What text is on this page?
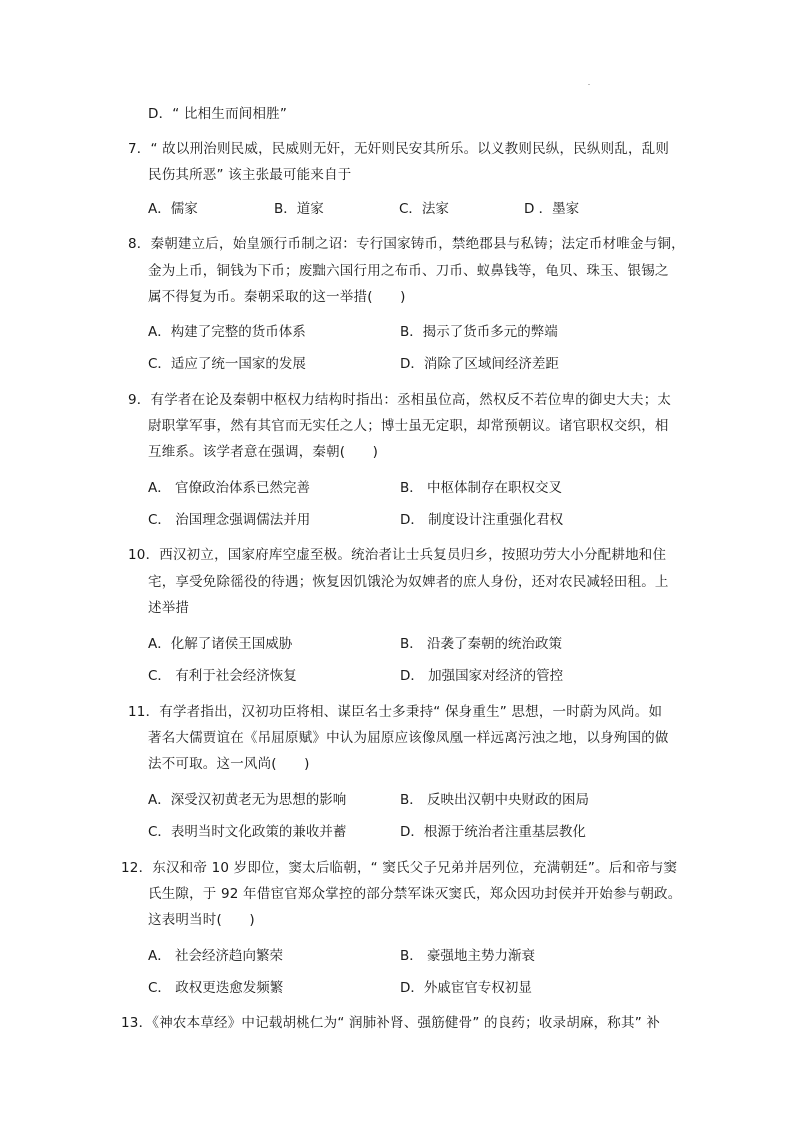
D．“ 比相生而间相胜”
7．“ 故以刑治则民威，民威则无奸，无奸则民安其所乐。以义教则民纵，民纵则乱，乱则
民伤其所恶” 该主张最可能来自于
A．儒家	B．道家	C．法家	D ．墨家
8．秦朝建立后，始皇颁行币制之诏：专行国家铸币，禁绝郡县与私铸；法定币材唯金与铜，
金为上币，铜钱为下币；废黜六国行用之布币、刀币、蚁鼻钱等，龟贝、珠玉、银锡之
属不得复为币。秦朝采取的这一举措(　　)
A．构建了完整的货币体系	B．揭示了货币多元的弊端
C．适应了统一国家的发展	D．消除了区域间经济差距
9．有学者在论及秦朝中枢权力结构时指出：丞相虽位高，然权反不若位卑的御史大夫；太
尉职掌军事，然有其官而无实任之人；博士虽无定职，却常预朝议。诸官职权交织，相
互维系。该学者意在强调，秦朝(　　)
A． 官僚政治体系已然完善	B． 中枢体制存在职权交叉
C． 治国理念强调儒法并用	D． 制度设计注重强化君权
10．西汉初立，国家府库空虚至极。统治者让士兵复员归乡，按照功劳大小分配耕地和住
宅，享受免除徭役的待遇；恢复因饥饿沦为奴婢者的庶人身份，还对农民减轻田租。上
述举措
A．化解了诸侯王国威胁	B． 沿袭了秦朝的统治政策
C． 有利于社会经济恢复	D． 加强国家对经济的管控
11．有学者指出，汉初功臣将相、谋臣名士多秉持“ 保身重生” 思想，一时蔚为风尚。如
著名大儒贾谊在《吊屈原赋》中认为屈原应该像凤凰一样远离污浊之地，以身殉国的做
法不可取。这一风尚(　　)
A．深受汉初黄老无为思想的影响	B． 反映出汉朝中央财政的困局
C．表明当时文化政策的兼收并蓄	D．根源于统治者注重基层教化
12．东汉和帝 10 岁即位，窦太后临朝，“ 窦氏父子兄弟并居列位，充满朝廷”。后和帝与窦
氏生隙，于 92 年借宦官郑众掌控的部分禁军诛灭窦氏，郑众因功封侯并开始参与朝政。
这表明当时(　　)
A． 社会经济趋向繁荣	B． 豪强地主势力渐衰
C． 政权更迭愈发频繁	D．外戚宦官专权初显
13．《神农本草经》中记载胡桃仁为“ 润肺补肾、强筋健骨” 的良药；收录胡麻，称其” 补
